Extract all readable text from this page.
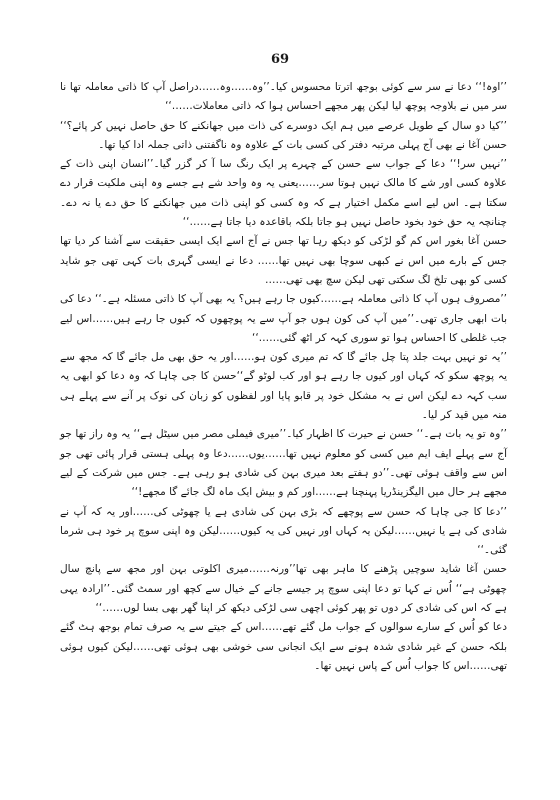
69

’’اوہ!‘‘ دعا نے سر سے کوئی بوجھ اترتا محسوس کیا۔’’وہ……وہ……دراصل آپ کا ذاتی معاملہ تھا نا سر میں نے بلاوجہ پوچھ لیا لیکن پھر مجھے احساس ہوا کہ ذاتی معاملات……‘‘

’’کیا دو سال کے طویل عرصے میں ہم ایک دوسرے کی ذات میں جھانکنے کا حق حاصل نہیں کر پائے؟‘‘ حسن آغا نے بھی آج پہلی مرتبہ دفتر کی کسی بات کے علاوہ وہ ناگفتنی ذاتی جملہ ادا کیا تھا۔

’’نہیں سر!‘‘ دعا کے جواب سے حسن کے چہرے پر ایک رنگ سا آ کر گزر گیا۔’’انسان اپنی ذات کے علاوہ کسی اور شے کا مالک نہیں ہوتا سر……یعنی یہ وہ واحد شے ہے جسے وہ اپنی ملکیت قرار دے سکتا ہے۔ اس لیے اسے مکمل اختیار ہے کہ وہ کسی کو اپنی ذات میں جھانکنے کا حق دے یا نہ دے۔ چنانچہ یہ حق خود بخود حاصل نہیں ہو جاتا بلکہ باقاعدہ دیا جاتا ہے……‘‘

حسن آغا بغور اس کم گو لڑکی کو دیکھ رہا تھا جس نے آج اسے ایک ایسی حقیقت سے آشنا کر دیا تھا جس کے بارے میں اس نے کبھی سوچا بھی نہیں تھا…… دعا نے ایسی گہری بات کہی تھی جو شاید کسی کو بھی تلخ لگ سکتی تھی لیکن سچ بھی تھی……

’’مصروف ہوں آپ کا ذاتی معاملہ ہے……کیوں جا رہے ہیں؟ یہ بھی آپ کا ذاتی مسئلہ ہے۔‘‘ دعا کی بات ابھی جاری تھی۔’’میں آپ کی کون ہوں جو آپ سے یہ پوچھوں کہ کیوں جا رہے ہیں……اس لیے جب غلطی کا احساس ہوا تو سوری کہہ کر اٹھ گئی……‘‘

’’یہ تو نہیں بہت جلد پتا چل جائے گا کہ تم میری کون ہو……اور یہ حق بھی مل جائے گا کہ مجھ سے یہ پوچھ سکو کہ کہاں اور کیوں جا رہے ہو اور کب لوٹو گے‘‘حسن کا جی چاہا کہ وہ دعا کو ابھی یہ سب کہہ دے لیکن اس نے بہ مشکل خود پر قابو پایا اور لفظوں کو زبان کی نوک پر آنے سے پہلے ہی منہ میں قید کر لیا۔

’’وہ تو یہ بات ہے۔‘‘ حسن نے حیرت کا اظہار کیا۔’’میری فیملی مصر میں سیٹل ہے‘‘ یہ وہ راز تھا جو آج سے پہلے ایف ایم میں کسی کو معلوم نہیں تھا……یوں……دعا وہ پہلی ہستی قرار پائی تھی جو اس سے واقف ہوئی تھی۔’’دو ہفتے بعد میری بہن کی شادی ہو رہی ہے۔ جس میں شرکت کے لیے مجھے ہر حال میں الیگزینڈریا پہنچنا ہے……اور کم و بیش ایک ماہ لگ جائے گا مجھے!‘‘

’’دعا کا جی چاہا کہ حسن سے پوچھے کہ بڑی بہن کی شادی ہے یا چھوٹی کی……اور یہ کہ آپ نے شادی کی ہے یا نہیں……لیکن یہ کہاں اور نہیں کی یہ کیوں……لیکن وہ اپنی سوچ پر خود ہی شرما گئی۔‘‘

حسن آغا شاید سوچیں پڑھنے کا ماہر بھی تھا’’ورنہ……میری اکلوتی بہن اور مجھ سے پانچ سال چھوٹی ہے‘‘ اُس نے کہا تو دعا اپنی سوچ پر جیسے جانے کے خیال سے کچھ اور سمٹ گئی۔’’ارادہ یہی ہے کہ اس کی شادی کر دوں تو پھر کوئی اچھی سی لڑکی دیکھ کر اپنا گھر بھی بسا لوں……‘‘

دعا کو اُس کے سارے سوالوں کے جواب مل گئے تھے……اس کے جیتے سے یہ صرف تمام بوجھ ہٹ گئے بلکہ حسن کے غیر شادی شدہ ہونے سے ایک انجانی سی خوشی بھی ہوئی تھی……لیکن کیوں ہوئی تھی……اس کا جواب اُس کے پاس نہیں تھا۔
